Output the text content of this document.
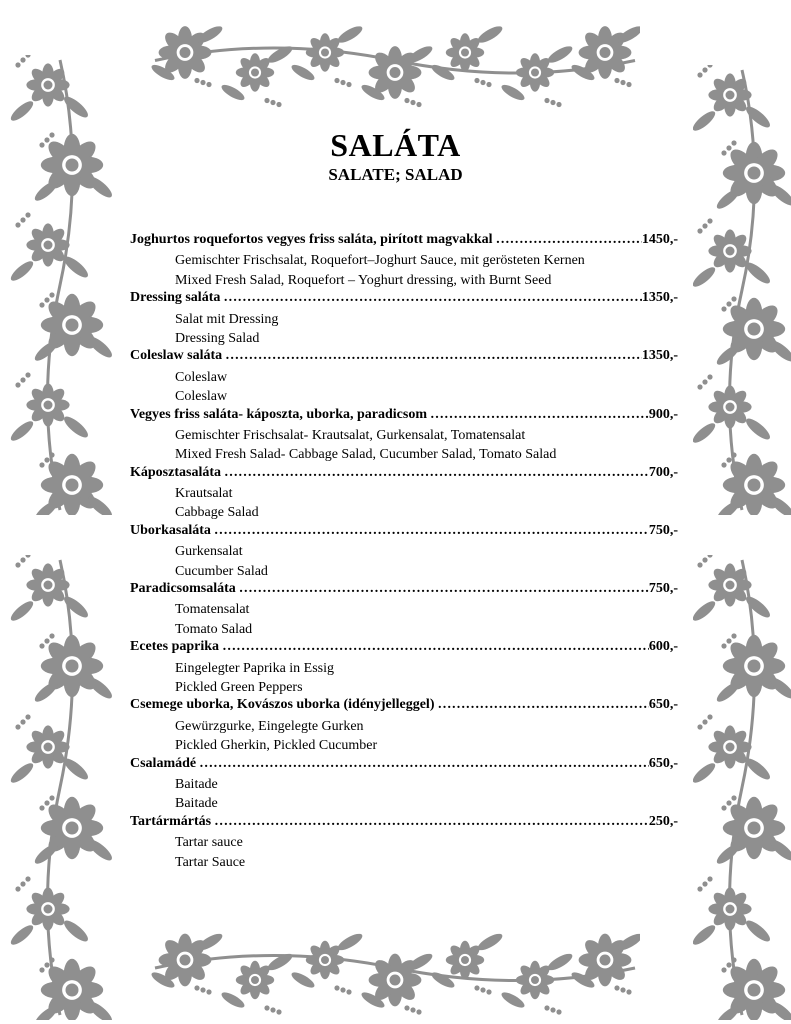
SALÁTA
SALATE; SALAD
Joghurtos roquefortos vegyes friss saláta, pirított magvakkal …………………………………………………………………………………………………………………………………	1450,-
Gemischter Frischsalat, Roquefort–Joghurt Sauce, mit gerösteten Kernen
Mixed Fresh Salad, Roquefort – Yoghurt dressing, with Burnt Seed
Dressing saláta …………………………………………………………………………………………………………………………………	1350,-
Salat mit Dressing
Dressing Salad
Coleslaw saláta …………………………………………………………………………………………………………………………………	1350,-
Coleslaw
Coleslaw
Vegyes friss saláta- káposzta, uborka, paradicsom …………………………………………………………………………………………………………………………………	900,-
Gemischter Frischsalat- Krautsalat, Gurkensalat, Tomatensalat
Mixed Fresh Salad- Cabbage Salad, Cucumber Salad, Tomato Salad
Káposztasaláta …………………………………………………………………………………………………………………………………	700,-
Krautsalat
Cabbage Salad
Uborkasaláta …………………………………………………………………………………………………………………………………	750,-
Gurkensalat
Cucumber Salad
Paradicsomsaláta …………………………………………………………………………………………………………………………………	750,-
Tomatensalat
Tomato Salad
Ecetes paprika …………………………………………………………………………………………………………………………………	600,-
Eingelegter Paprika in Essig
Pickled Green Peppers
Csemege uborka, Kovászos uborka (idényjelleggel) …………………………………………………………………………………………………………………………………	650,-
Gewürzgurke, Eingelegte Gurken
Pickled Gherkin, Pickled Cucumber
Csalamádé …………………………………………………………………………………………………………………………………	650,-
Baitade
Baitade
Tartármártás …………………………………………………………………………………………………………………………………	250,-
Tartar sauce
Tartar Sauce
